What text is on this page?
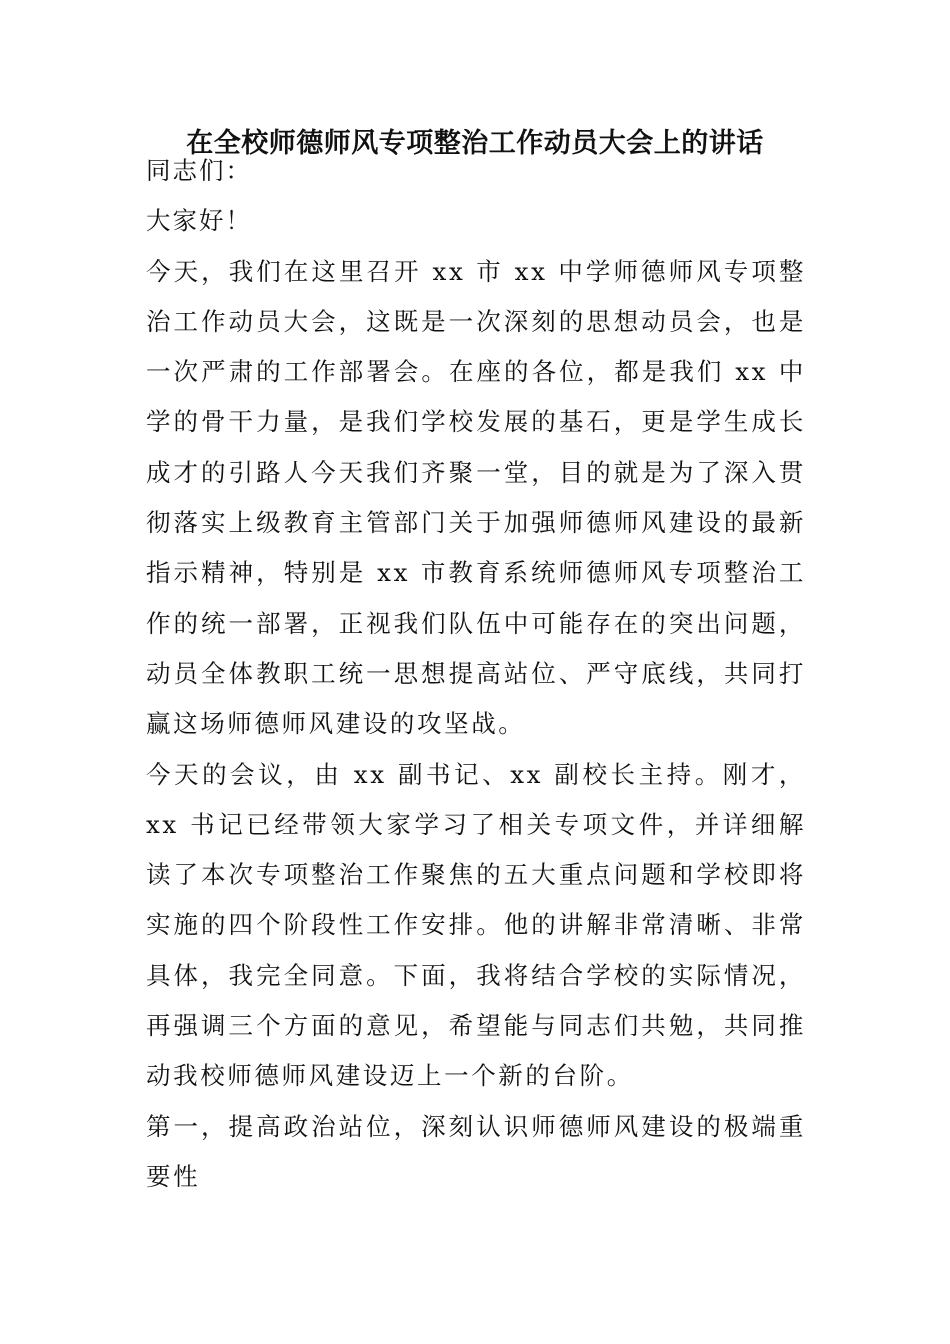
在全校师德师风专项整治工作动员大会上的讲话

同志们：

大家好！

今天，我们在这里召开 xx 市 xx 中学师德师风专项整治工作动员大会，这既是一次深刻的思想动员会，也是一次严肃的工作部署会。在座的各位，都是我们 xx 中学的骨干力量，是我们学校发展的基石，更是学生成长成才的引路人今天我们齐聚一堂，目的就是为了深入贯彻落实上级教育主管部门关于加强师德师风建设的最新指示精神，特别是 xx 市教育系统师德师风专项整治工作的统一部署，正视我们队伍中可能存在的突出问题，动员全体教职工统一思想提高站位、严守底线，共同打赢这场师德师风建设的攻坚战。

今天的会议，由 xx 副书记、xx 副校长主持。刚才，xx 书记已经带领大家学习了相关专项文件，并详细解读了本次专项整治工作聚焦的五大重点问题和学校即将实施的四个阶段性工作安排。他的讲解非常清晰、非常具体，我完全同意。下面，我将结合学校的实际情况，再强调三个方面的意见，希望能与同志们共勉，共同推动我校师德师风建设迈上一个新的台阶。

第一，提高政治站位，深刻认识师德师风建设的极端重要性
